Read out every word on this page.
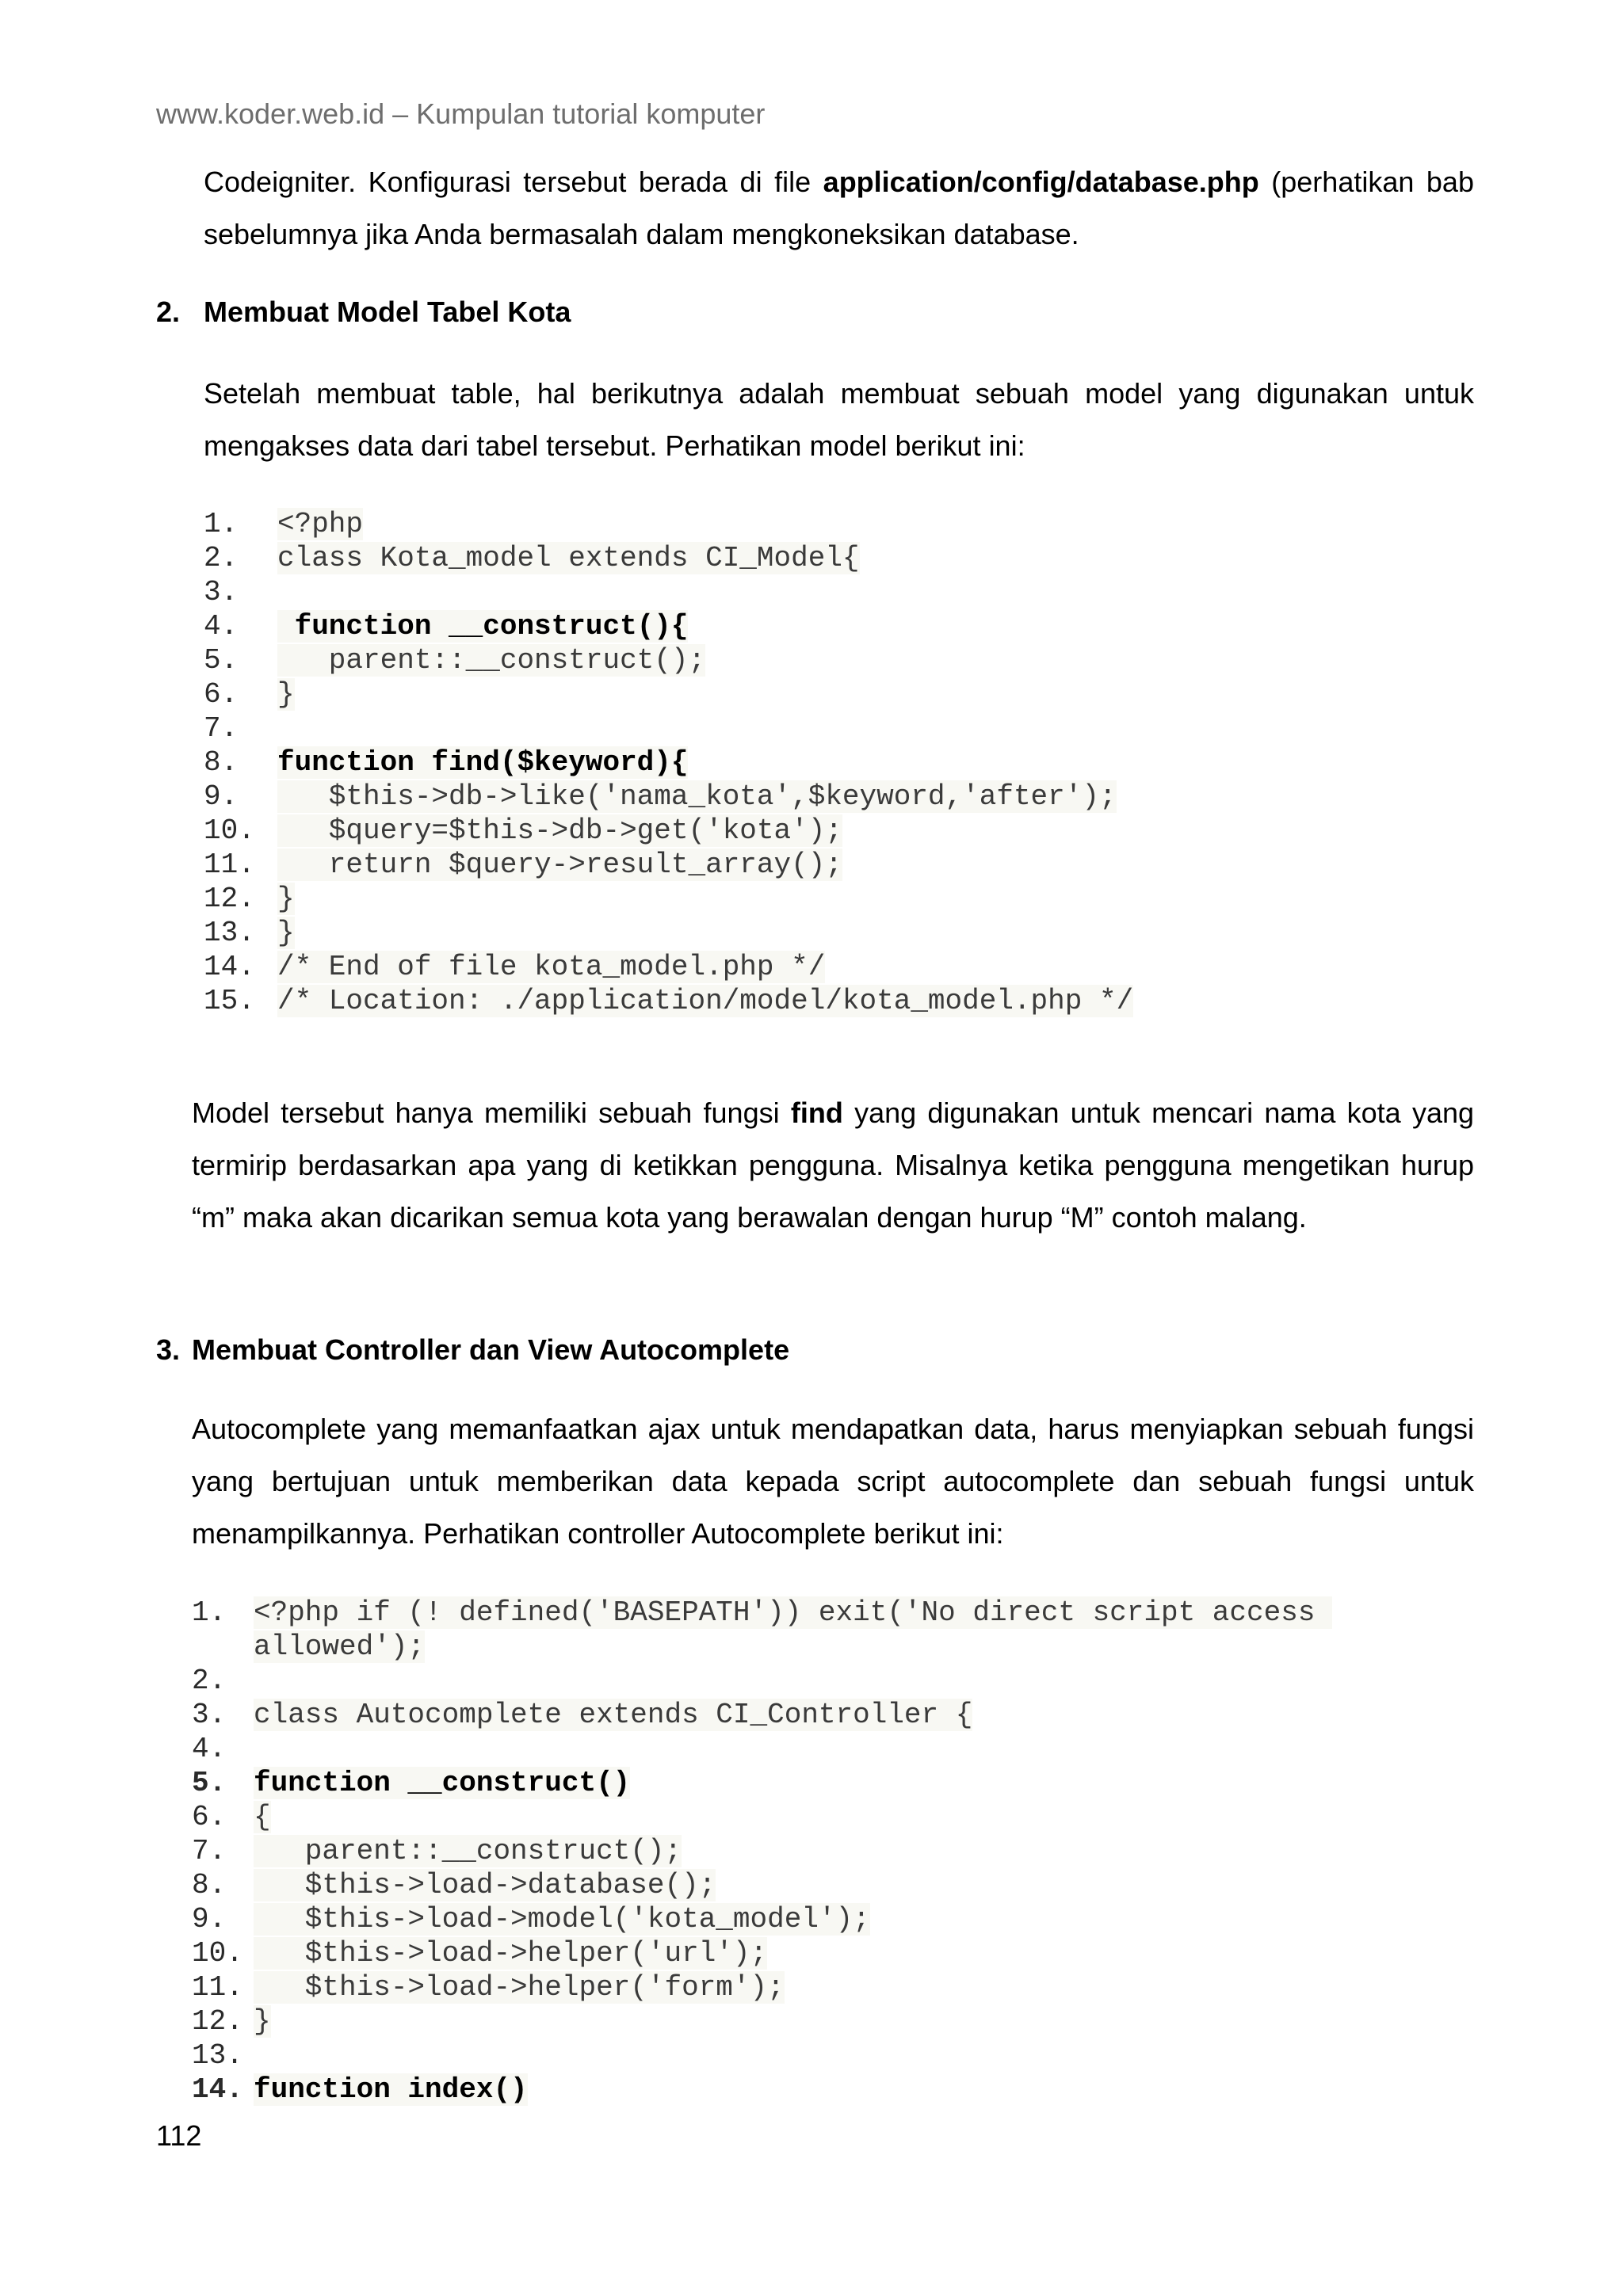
www.koder.web.id – Kumpulan tutorial komputer
Codeigniter. Konfigurasi tersebut berada di file application/config/database.php (perhatikan bab sebelumnya jika Anda bermasalah dalam mengkoneksikan database.
2. Membuat Model Tabel Kota
Setelah membuat table, hal berikutnya adalah membuat sebuah model yang digunakan untuk mengakses data dari tabel tersebut. Perhatikan model berikut ini:
1. <?php
2. class Kota_model extends CI_Model{
3.
4. function __construct(){
5.   parent::__construct();
6. }
7.
8. function find($keyword){
9.   $this->db->like('nama_kota',$keyword,'after');
10.   $query=$this->db->get('kota');
11.   return $query->result_array();
12. }
13. }
14. /* End of file kota_model.php */
15. /* Location: ./application/model/kota_model.php */
Model tersebut hanya memiliki sebuah fungsi find yang digunakan untuk mencari nama kota yang termirip berdasarkan apa yang di ketikkan pengguna. Misalnya ketika pengguna mengetikan hurup “m” maka akan dicarikan semua kota yang berawalan dengan hurup “M” contoh malang.
3. Membuat Controller dan View Autocomplete
Autocomplete yang memanfaatkan ajax untuk mendapatkan data, harus menyiapkan sebuah fungsi yang bertujuan untuk memberikan data kepada script autocomplete dan sebuah fungsi untuk menampilkannya. Perhatikan controller Autocomplete berikut ini:
1. <?php if (! defined('BASEPATH')) exit('No direct script access
allowed');
2.
3. class Autocomplete extends CI_Controller {
4.
5. function __construct()
6. {
7.   parent::__construct();
8.   $this->load->database();
9.   $this->load->model('kota_model');
10.   $this->load->helper('url');
11.   $this->load->helper('form');
12. }
13.
14. function index()
112
